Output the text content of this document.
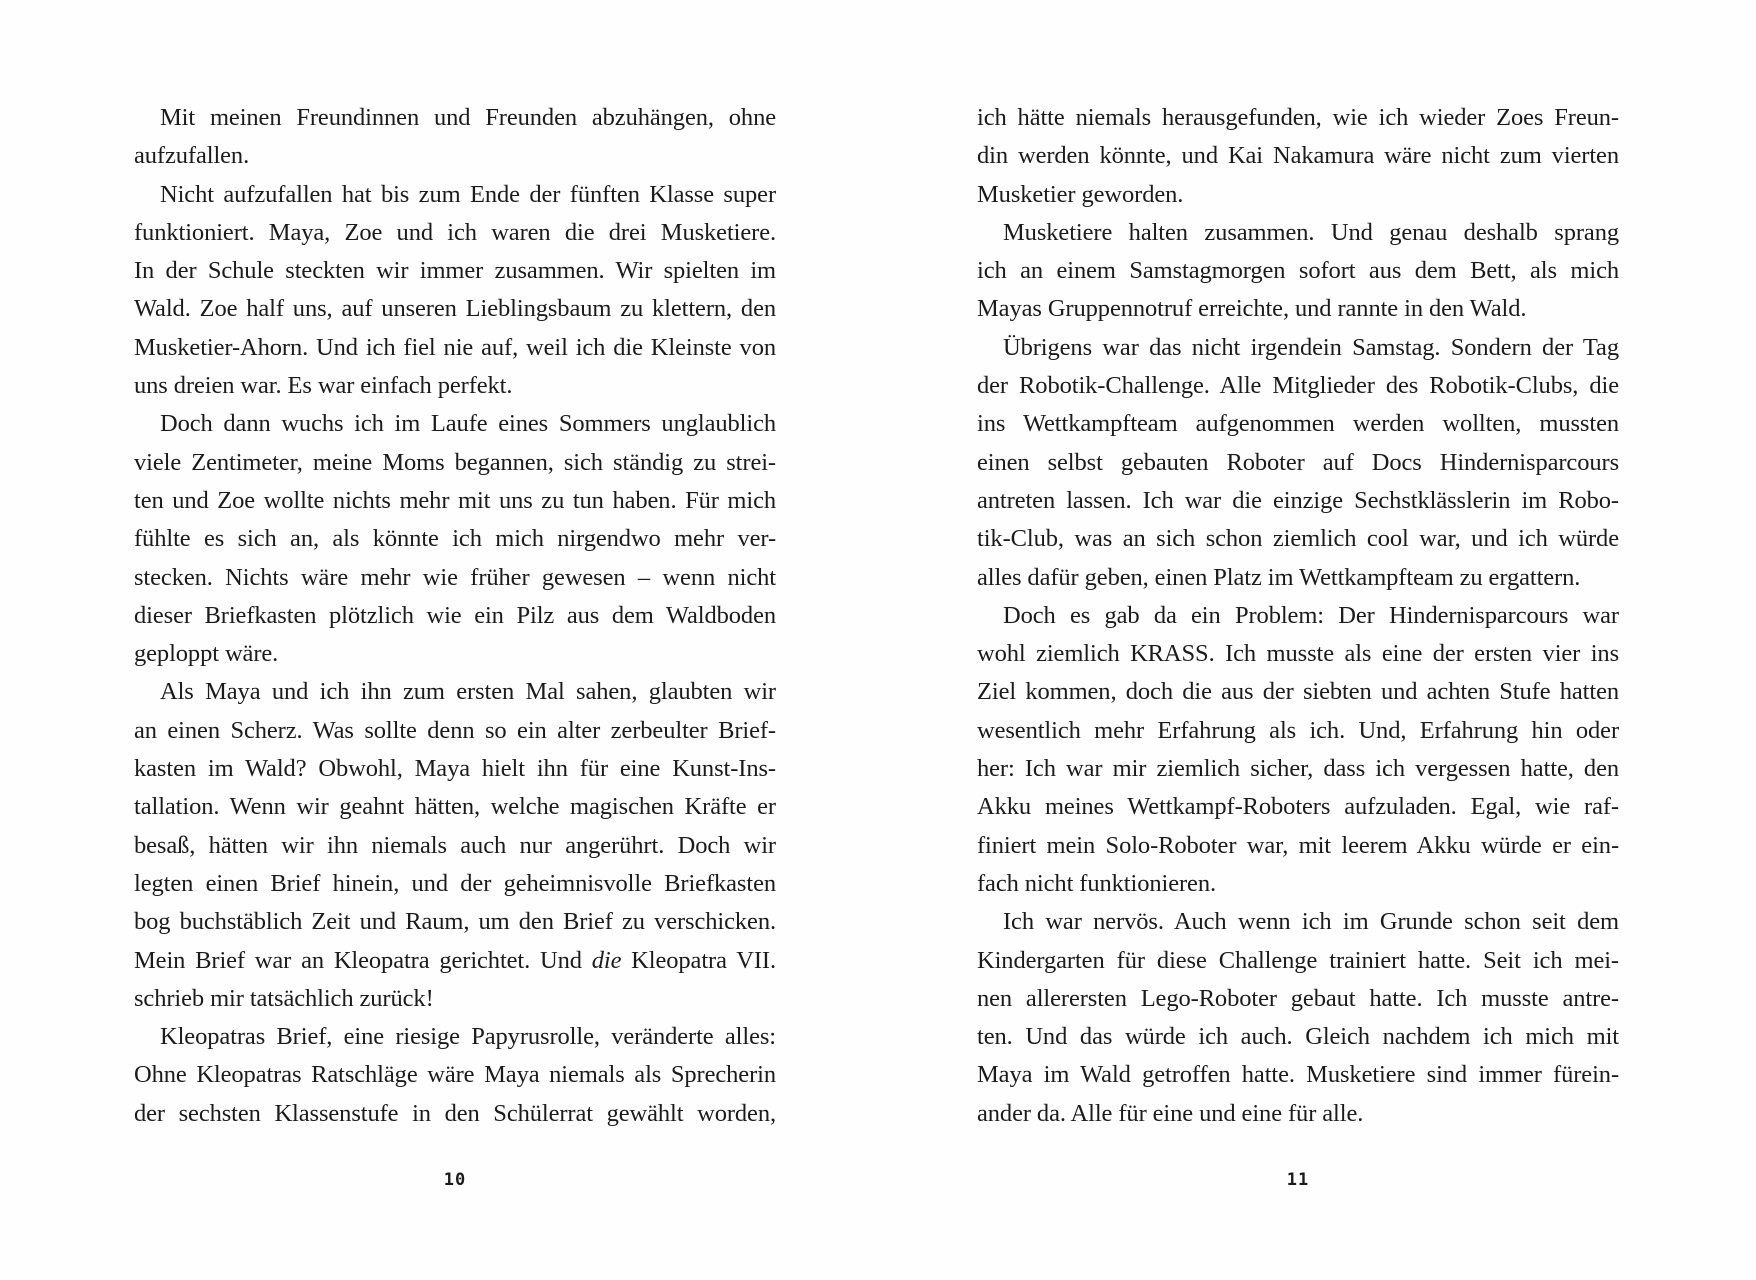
Mit meinen Freundinnen und Freunden abzuhängen, ohne
aufzufallen.
Nicht aufzufallen hat bis zum Ende der fünften Klasse super
funktioniert. Maya, Zoe und ich waren die drei Musketiere.
In der Schule steckten wir immer zusammen. Wir spielten im
Wald. Zoe half uns, auf unseren Lieblingsbaum zu klettern, den
Musketier-Ahorn. Und ich fiel nie auf, weil ich die Kleinste von
uns dreien war. Es war einfach perfekt.
Doch dann wuchs ich im Laufe eines Sommers unglaublich
viele Zentimeter, meine Moms begannen, sich ständig zu strei-
ten und Zoe wollte nichts mehr mit uns zu tun haben. Für mich
fühlte es sich an, als könnte ich mich nirgendwo mehr ver-
stecken. Nichts wäre mehr wie früher gewesen – wenn nicht
dieser Briefkasten plötzlich wie ein Pilz aus dem Waldboden
geploppt wäre.
Als Maya und ich ihn zum ersten Mal sahen, glaubten wir
an einen Scherz. Was sollte denn so ein alter zerbeulter Brief-
kasten im Wald? Obwohl, Maya hielt ihn für eine Kunst-Ins-
tallation. Wenn wir geahnt hätten, welche magischen Kräfte er
besaß, hätten wir ihn niemals auch nur angerührt. Doch wir
legten einen Brief hinein, und der geheimnisvolle Briefkasten
bog buchstäblich Zeit und Raum, um den Brief zu verschicken.
Mein Brief war an Kleopatra gerichtet. Und die Kleopatra VII.
schrieb mir tatsächlich zurück!
Kleopatras Brief, eine riesige Papyrusrolle, veränderte alles:
Ohne Kleopatras Ratschläge wäre Maya niemals als Sprecherin
der sechsten Klassenstufe in den Schülerrat gewählt worden,
10
ich hätte niemals herausgefunden, wie ich wieder Zoes Freun-
din werden könnte, und Kai Nakamura wäre nicht zum vierten
Musketier geworden.
Musketiere halten zusammen. Und genau deshalb sprang
ich an einem Samstagmorgen sofort aus dem Bett, als mich
Mayas Gruppennotruf erreichte, und rannte in den Wald.
Übrigens war das nicht irgendein Samstag. Sondern der Tag
der Robotik-Challenge. Alle Mitglieder des Robotik-Clubs, die
ins Wettkampfteam aufgenommen werden wollten, mussten
einen selbst gebauten Roboter auf Docs Hindernisparcours
antreten lassen. Ich war die einzige Sechstklässlerin im Robo-
tik-Club, was an sich schon ziemlich cool war, und ich würde
alles dafür geben, einen Platz im Wettkampfteam zu ergattern.
Doch es gab da ein Problem: Der Hindernisparcours war
wohl ziemlich KRASS. Ich musste als eine der ersten vier ins
Ziel kommen, doch die aus der siebten und achten Stufe hatten
wesentlich mehr Erfahrung als ich. Und, Erfahrung hin oder
her: Ich war mir ziemlich sicher, dass ich vergessen hatte, den
Akku meines Wettkampf-Roboters aufzuladen. Egal, wie raf-
finiert mein Solo-Roboter war, mit leerem Akku würde er ein-
fach nicht funktionieren.
Ich war nervös. Auch wenn ich im Grunde schon seit dem
Kindergarten für diese Challenge trainiert hatte. Seit ich mei-
nen allerersten Lego-Roboter gebaut hatte. Ich musste antre-
ten. Und das würde ich auch. Gleich nachdem ich mich mit
Maya im Wald getroffen hatte. Musketiere sind immer fürein-
ander da. Alle für eine und eine für alle.
11
